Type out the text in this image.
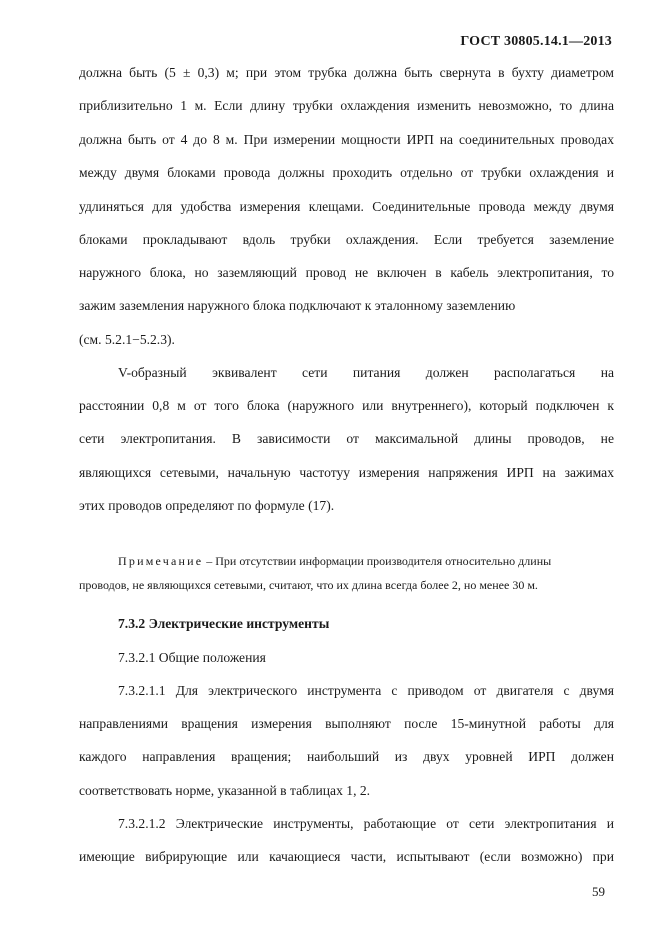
ГОСТ 30805.14.1—2013
должна быть (5 ± 0,3) м; при этом трубка должна быть свернута в бухту диаметром
приблизительно 1 м. Если длину трубки охлаждения изменить невозможно, то длина
должна быть от 4 до 8 м. При измерении мощности ИРП на соединительных проводах
между двумя блоками провода должны проходить отдельно от трубки охлаждения и
удлиняться для удобства измерения клещами. Соединительные провода между двумя
блоками прокладывают вдоль трубки охлаждения. Если требуется заземление
наружного блока, но заземляющий провод не включен в кабель электропитания, то
зажим заземления наружного блока подключают к эталонному заземлению
(см. 5.2.1−5.2.3).
V-образный эквивалент сети питания должен располагаться на
расстоянии 0,8 м от того блока (наружного или внутреннего), который подключен к
сети электропитания. В зависимости от максимальной длины проводов, не
являющихся сетевыми, начальную частотуу измерения напряжения ИРП на зажимах
этих проводов определяют по формуле (17).
Примечание – При отсутствии информации производителя относительно длины
проводов, не являющихся сетевыми, считают, что их длина всегда более 2, но менее 30 м.
7.3.2 Электрические инструменты
7.3.2.1 Общие положения
7.3.2.1.1 Для электрического инструмента с приводом от двигателя с двумя
направлениями вращения измерения выполняют после 15-минутной работы для
каждого направления вращения; наибольший из двух уровней ИРП должен
соответствовать норме, указанной в таблицах 1, 2.
7.3.2.1.2 Электрические инструменты, работающие от сети электропитания и
имеющие вибрирующие или качающиеся части, испытывают (если возможно) при
59
